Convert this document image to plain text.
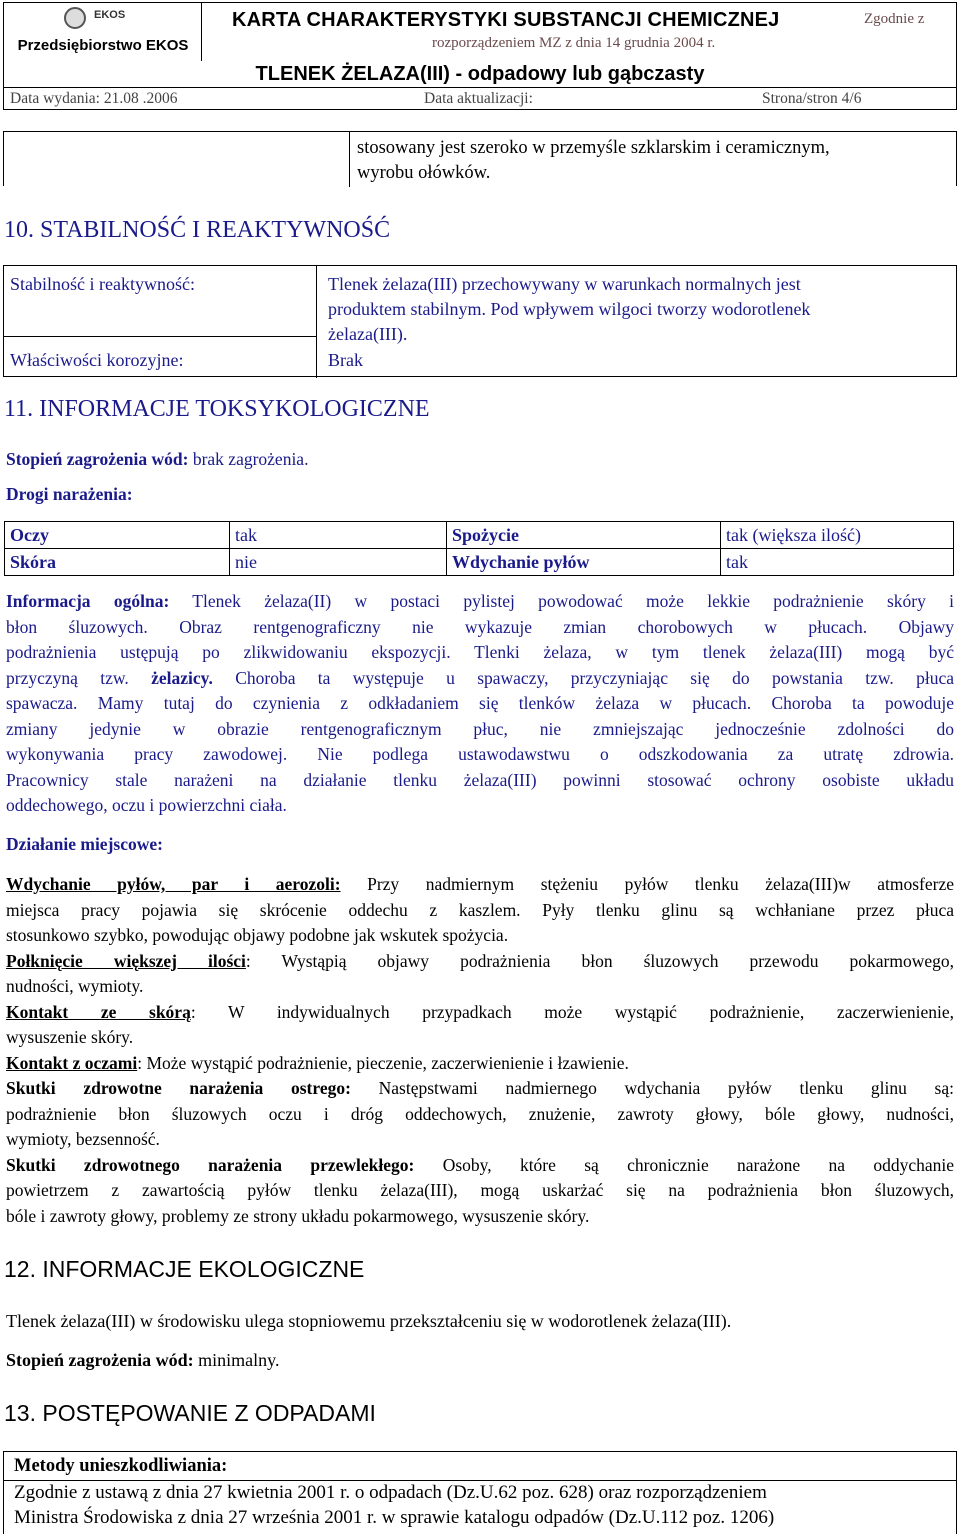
EKOS
Przedsiębiorstwo EKOS
KARTA CHARAKTERYSTYKI SUBSTANCJI CHEMICZNEJ	Zgodnie z
rozporządzeniem MZ z dnia 14 grudnia 2004 r.
TLENEK ŻELAZA(III) - odpadowy lub gąbczasty
Data wydania: 21.08 .2006	Data aktualizacji:	Strona/stron 4/6
stosowany jest szeroko w przemyśle szklarskim i ceramicznym,
wyrobu ołówków.
10. STABILNOŚĆ I REAKTYWNOŚĆ
Stabilność i reaktywność:	Tlenek żelaza(III) przechowywany w warunkach normalnych jest
produktem stabilnym. Pod wpływem wilgoci tworzy wodorotlenek
żelaza(III).
Właściwości korozyjne:	Brak
11. INFORMACJE TOKSYKOLOGICZNE
Stopień zagrożenia wód: brak zagrożenia.
Drogi narażenia:
Oczy	tak	Spożycie	tak (większa ilość)
Skóra	nie	Wdychanie pyłów	tak

Informacja ogólna: Tlenek żelaza(II) w postaci pylistej powodować może lekkie podrażnienie skóry i

błon śluzowych. Obraz rentgenograficzny nie wykazuje zmian chorobowych w płucach. Objawy

podrażnienia ustępują po zlikwidowaniu ekspozycji. Tlenki żelaza, w tym tlenek żelaza(III) mogą być

przyczyną tzw. żelazicy. Choroba ta występuje u spawaczy, przyczyniając się do powstania tzw. płuca

spawacza. Mamy tutaj do czynienia z odkładaniem się tlenków żelaza w płucach. Choroba ta powoduje

zmiany jedynie w obrazie rentgenograficznym płuc, nie zmniejszając jednocześnie zdolności do

wykonywania pracy zawodowej. Nie podlega ustawodawstwu o odszkodowania za utratę zdrowia.

Pracownicy stale narażeni na działanie tlenku żelaza(III) powinni stosować ochrony osobiste układu

oddechowego, oczu i powierzchni ciała.

Działanie miejscowe:

Wdychanie pyłów, par i aerozoli: Przy nadmiernym stężeniu pyłów tlenku żelaza(III)w atmosferze

miejsca pracy pojawia się skrócenie oddechu z kaszlem. Pyły tlenku glinu są wchłaniane przez płuca

stosunkowo szybko, powodując objawy podobne jak wskutek spożycia.

Połknięcie większej ilości: Wystąpią objawy podrażnienia błon śluzowych przewodu pokarmowego,

nudności, wymioty.

Kontakt ze skórą: W indywidualnych przypadkach może wystąpić podrażnienie, zaczerwienienie,

wysuszenie skóry.

Kontakt z oczami: Może wystąpić podrażnienie, pieczenie, zaczerwienienie i łzawienie.

Skutki zdrowotne narażenia ostrego: Następstwami nadmiernego wdychania pyłów tlenku glinu są:

podrażnienie błon śluzowych oczu i dróg oddechowych, znużenie, zawroty głowy, bóle głowy, nudności,

wymioty, bezsenność.

Skutki zdrowotnego narażenia przewlekłego: Osoby, które są chronicznie narażone na oddychanie

powietrzem z zawartością pyłów tlenku żelaza(III), mogą uskarżać się na podrażnienia błon śluzowych,

bóle i zawroty głowy, problemy ze strony układu pokarmowego, wysuszenie skóry.

12. INFORMACJE EKOLOGICZNE
Tlenek żelaza(III) w środowisku ulega stopniowemu przekształceniu się w wodorotlenek żelaza(III).
Stopień zagrożenia wód: minimalny.
13. POSTĘPOWANIE Z ODPADAMI
Metody unieszkodliwiania:
Zgodnie z ustawą z dnia 27 kwietnia 2001 r. o odpadach (Dz.U.62 poz. 628) oraz rozporządzeniem
Ministra Środowiska z dnia 27 września 2001 r. w sprawie katalogu odpadów (Dz.U.112 poz. 1206)
